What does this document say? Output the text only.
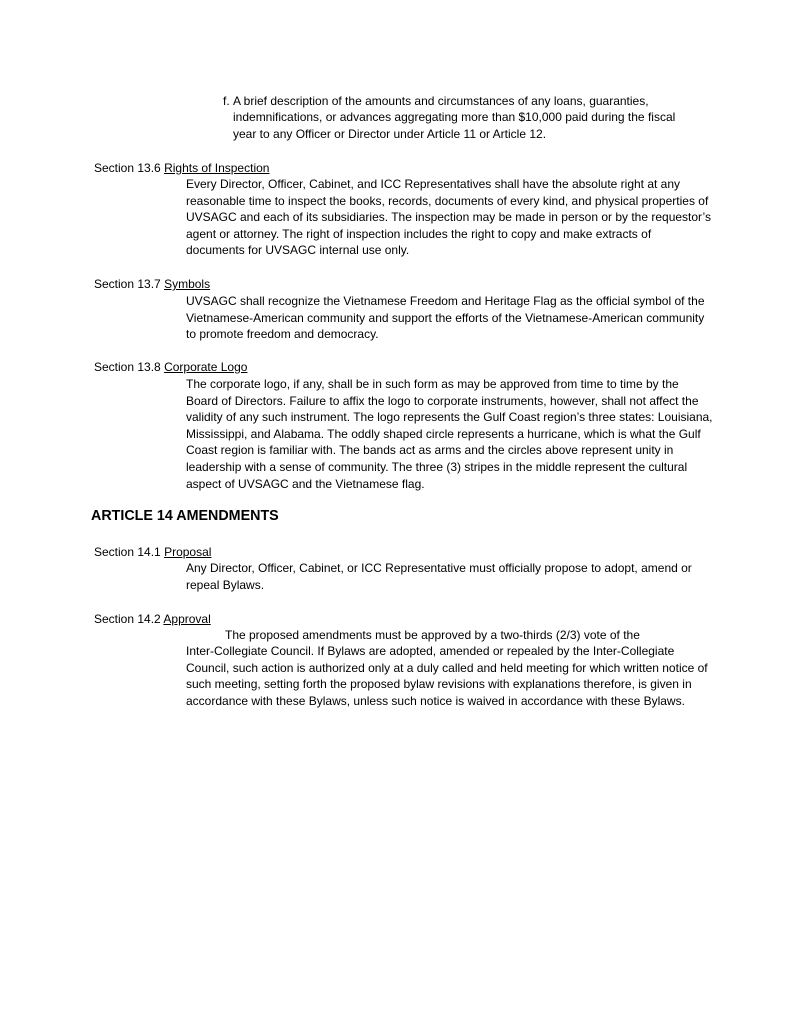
f. A brief description of the amounts and circumstances of any loans, guaranties,
indemnifications, or advances aggregating more than $10,000 paid during the fiscal
year to any Officer or Director under Article 11 or Article 12.

Section 13.6 Rights of Inspection

Every Director, Officer, Cabinet, and ICC Representatives shall have the absolute right at any
reasonable time to inspect the books, records, documents of every kind, and physical properties of
UVSAGC and each of its subsidiaries. The inspection may be made in person or by the requestor’s
agent or attorney. The right of inspection includes the right to copy and make extracts of
documents for UVSAGC internal use only.

Section 13.7 Symbols

UVSAGC shall recognize the Vietnamese Freedom and Heritage Flag as the official symbol of the
Vietnamese-American community and support the efforts of the Vietnamese-American community
to promote freedom and democracy.

Section 13.8 Corporate Logo

The corporate logo, if any, shall be in such form as may be approved from time to time by the
Board of Directors. Failure to affix the logo to corporate instruments, however, shall not affect the
validity of any such instrument. The logo represents the Gulf Coast region’s three states: Louisiana,
Mississippi, and Alabama. The oddly shaped circle represents a hurricane, which is what the Gulf
Coast region is familiar with. The bands act as arms and the circles above represent unity in
leadership with a sense of community. The three (3) stripes in the middle represent the cultural
aspect of UVSAGC and the Vietnamese flag.
ARTICLE 14 AMENDMENTS

Section 14.1 Proposal

Any Director, Officer, Cabinet, or ICC Representative must officially propose to adopt, amend or
repeal Bylaws.

Section 14.2 Approval

The proposed amendments must be approved by a two-thirds (2/3) vote of the
Inter-Collegiate Council. If Bylaws are adopted, amended or repealed by the Inter-Collegiate
Council, such action is authorized only at a duly called and held meeting for which written notice of
such meeting, setting forth the proposed bylaw revisions with explanations therefore, is given in
accordance with these Bylaws, unless such notice is waived in accordance with these Bylaws.
